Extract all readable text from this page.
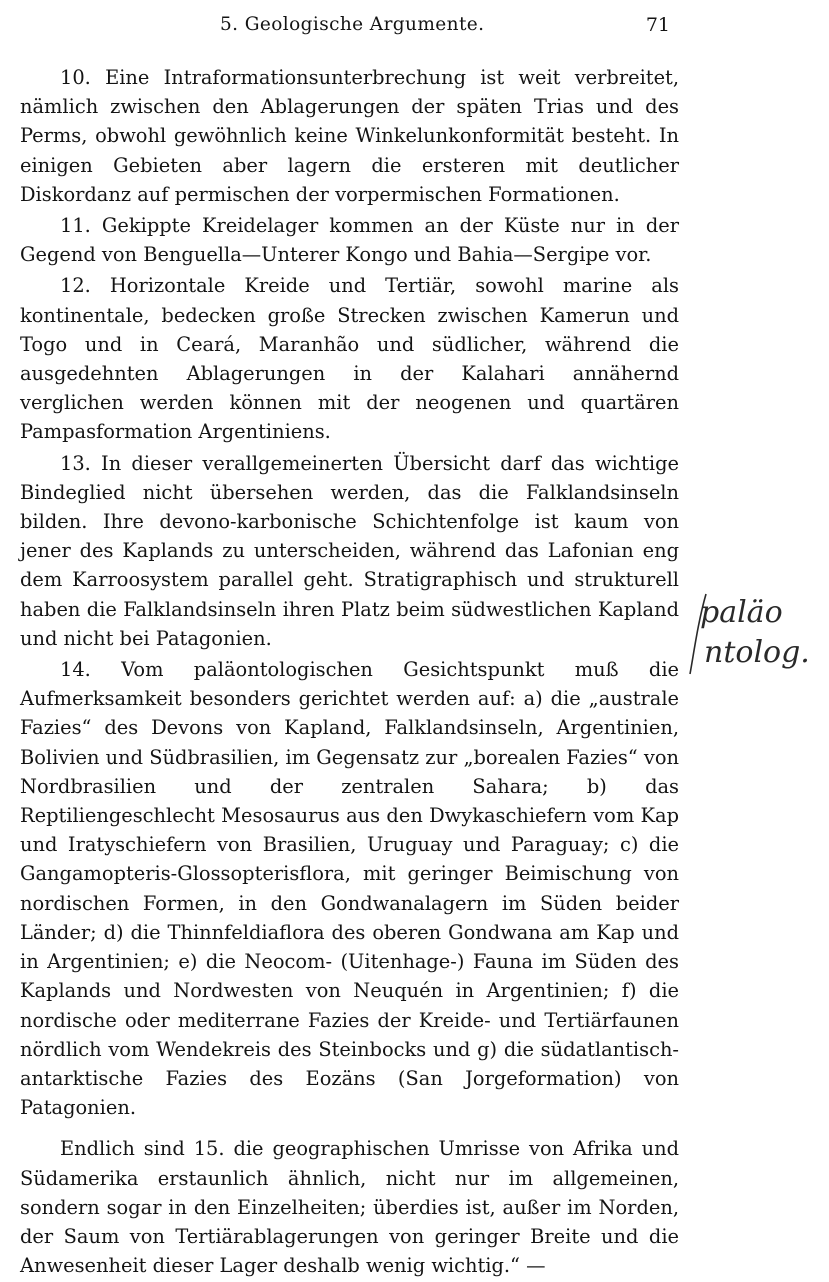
5. Geologische Argumente.	71

10. Eine Intraformationsunterbrechung ist weit verbreitet, nämlich zwischen den Ablagerungen der späten Trias und des Perms, obwohl gewöhnlich keine Winkelunkonformität besteht. In einigen Gebieten aber lagern die ersteren mit deutlicher Diskordanz auf permischen der vorpermischen Formationen.

11. Gekippte Kreidelager kommen an der Küste nur in der Gegend von Benguella—Unterer Kongo und Bahia—Sergipe vor.

12. Horizontale Kreide und Tertiär, sowohl marine als kontinentale, bedecken große Strecken zwischen Kamerun und Togo und in Ceará, Maranhão und südlicher, während die ausgedehnten Ablagerungen in der Kalahari annähernd verglichen werden können mit der neogenen und quartären Pampasformation Argentiniens.

13. In dieser verallgemeinerten Übersicht darf das wichtige Bindeglied nicht übersehen werden, das die Falklandsinseln bilden. Ihre devono-karbonische Schichtenfolge ist kaum von jener des Kaplands zu unterscheiden, während das Lafonian eng dem Karroosystem parallel geht. Stratigraphisch und strukturell haben die Falklandsinseln ihren Platz beim südwestlichen Kapland und nicht bei Patagonien.

14. Vom paläontologischen Gesichtspunkt muß die Aufmerksamkeit besonders gerichtet werden auf: a) die „australe Fazies“ des Devons von Kapland, Falklandsinseln, Argentinien, Bolivien und Südbrasilien, im Gegensatz zur „borealen Fazies“ von Nordbrasilien und der zentralen Sahara; b) das Reptiliengeschlecht Mesosaurus aus den Dwykaschiefern vom Kap und Iratyschiefern von Brasilien, Uruguay und Paraguay; c) die Gangamopteris-Glossopterisflora, mit geringer Beimischung von nordischen Formen, in den Gondwanalagern im Süden beider Länder; d) die Thinnfeldiaflora des oberen Gondwana am Kap und in Argentinien; e) die Neocom- (Uitenhage-) Fauna im Süden des Kaplands und Nordwesten von Neuquén in Argentinien; f) die nordische oder mediterrane Fazies der Kreide- und Tertiärfaunen nördlich vom Wendekreis des Steinbocks und g) die südatlantisch-antarktische Fazies des Eozäns (San Jorgeformation) von Patagonien.

Endlich sind 15. die geographischen Umrisse von Afrika und Südamerika erstaunlich ähnlich, nicht nur im allgemeinen, sondern sogar in den Einzelheiten; überdies ist, außer im Norden, der Saum von Tertiärablagerungen von geringer Breite und die Anwesenheit dieser Lager deshalb wenig wichtig.“ —

paläo
ntolog.
